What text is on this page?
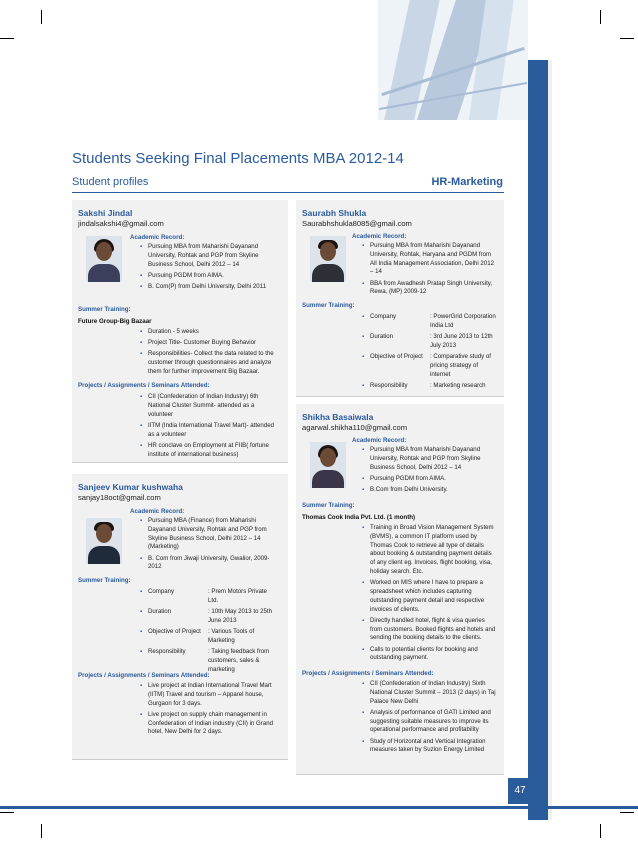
47
Students Seeking Final Placements MBA 2012-14
Student profiles	HR-Marketing
Sakshi Jindal
jindalsakshi4@gmail.com
Academic Record:
▪ Pursuing MBA from Maharishi Dayanand University, Rohtak and PGP from Skyline Business School, Delhi 2012 – 14
▪ Pursuing PGDM from AIMA.
▪ B. Com(P) from Delhi University, Delhi 2011
Summer Training:
Future Group-Big Bazaar
▪ Duration - 5 weeks
▪ Project Title- Customer Buying Behavior
▪ Responsibilities- Collect the data related to the customer through questionnaires and analyze them for further improvement Big Bazaar.
Projects / Assignments / Seminars Attended:
▪ CII (Confederation of Indian Industry) 6th National Cluster Summit- attended as a volunteer
▪ IITM (India International Travel Mart)- attended as a volunteer
▪ HR conclave on Employment at FIIB( fortune institute of international business)
Sanjeev Kumar kushwaha
sanjay18oct@gmail.com
Academic Record:
▪ Pursuing MBA (Finance) from Maharishi Dayanand University, Rohtak and PGP from Skyline Business School, Delhi 2012 – 14 (Marketing)
▪ B. Com from Jiwaji University, Gwalior, 2009-2012
Summer Training:
▪ Company	: Prem Motors Private Ltd.
▪ Duration	: 10th May 2013 to 25th June 2013
▪ Objective of Project	: Various Tools of Marketing
▪ Responsibility	: Taking feedback from customers, sales & marketing
Projects / Assignments / Seminars Attended:
▪ Live project at Indian International Travel Mart (IITM) Travel and tourism – Apparel house, Gurgaon for 3 days.
▪ Live project on supply chain management in Confederation of Indian industry (CII) in Grand hotel, New Delhi for 2 days.
Saurabh Shukla
Saurabhshukla8085@gmail.com
Academic Record:
▪ Pursuing MBA from Maharishi Dayanand University, Rohtak, Haryana and PGDM from All India Management Association, Delhi 2012 – 14
▪ BBA from Awadhesh Pratap Singh University, Rewa, (MP) 2009-12
Summer Training:
▪ Company	: PowerGrid Corporation India Ltd
▪ Duration	: 3rd June 2013 to 12th July 2013
▪ Objective of Project	: Comparative study of pricing strategy of internet
▪ Responsibility	: Marketing research
Shikha Basaiwala
agarwal.shikha110@gmail.com
Academic Record:
▪ Pursuing MBA from Maharishi Dayanand University, Rohtak and PGP from Skyline Business School, Delhi 2012 – 14
▪ Pursuing PGDM from AIMA.
▪ B.Com from Delhi University.
Summer Training:
Thomas Cook India Pvt. Ltd. (1 month)
▪ Training in Broad Vision Management System (BVMS), a common IT platform used by Thomas Cook to retrieve all type of details about booking & outstanding payment details of any client eg. Invoices, flight booking, visa, holiday search. Etc.
▪ Worked on MIS where I have to prepare a spreadsheet which includes capturing outstanding payment detail and respective invoices of clients.
▪ Directly handled hotel, flight & visa queries from customers. Booked flights and hotels and sending the booking details to the clients.
▪ Calls to potential clients for booking and outstanding payment.
Projects / Assignments / Seminars Attended:
▪ CII (Confederation of Indian Industry) Sixth National Cluster Summit – 2013 (2 days) in Taj Palace New Delhi
▪ Analysis of performance of GATI Limited and suggesting suitable measures to improve its operational performance and profitability
▪ Study of Horizontal and Vertical Integration measures taken by Suzlon Energy Limited
